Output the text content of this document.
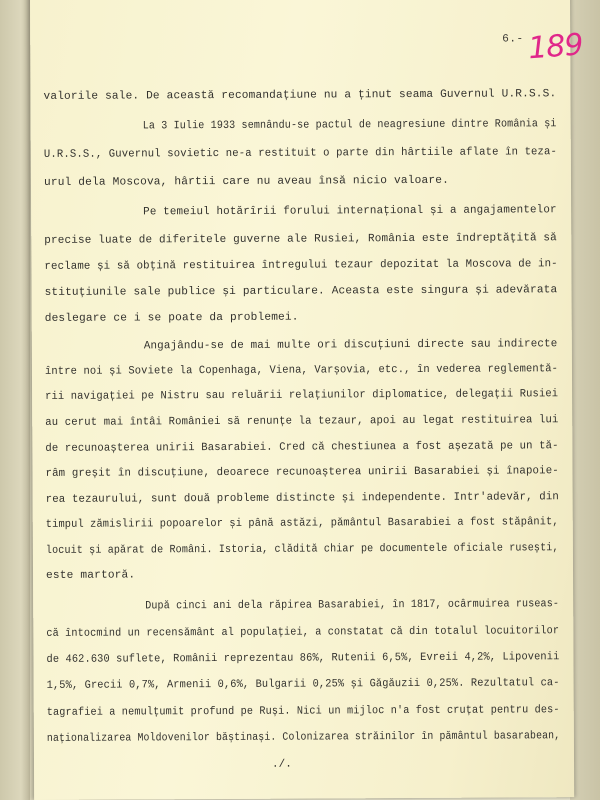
6.- 189
valorile sale. De această recomandațiune nu a ținut seama Guvernul U.R.S.S.
La 3 Iulie 1933 semnându-se pactul de neagresiune dintre România și
U.R.S.S., Guvernul sovietic ne-a restituit o parte din hârtiile aflate în teza-
urul dela Moscova, hârtii care nu aveau însă nicio valoare.
Pe temeiul hotărîrii forului internațional și a angajamentelor
precise luate de diferitele guverne ale Rusiei, România este îndreptățită să
reclame și să obțină restituirea întregului tezaur depozitat la Moscova de in-
stituțiunile sale publice și particulare. Aceasta este singura și adevărata
deslegare ce i se poate da problemei.
Angajându-se de mai multe ori discuțiuni directe sau indirecte
între noi și Soviete la Copenhaga, Viena, Varșovia, etc., în vederea reglementă-
rii navigației pe Nistru sau reluării relațiunilor diplomatice, delegații Rusiei
au cerut mai întâi României să renunțe la tezaur, apoi au legat restituirea lui
de recunoașterea unirii Basarabiei. Cred că chestiunea a fost așezată pe un tă-
râm greșit în discuțiune, deoarece recunoașterea unirii Basarabiei și înapoie-
rea tezaurului, sunt două probleme distincte și independente. Intr'adevăr, din
timpul zămislirii popoarelor și până astăzi, pământul Basarabiei a fost stăpânit,
locuit și apărat de Români. Istoria, clădită chiar pe documentele oficiale rusești,
este martoră.
După cinci ani dela răpirea Basarabiei, în 1817, ocârmuirea ruseas-
că întocmind un recensământ al populației, a constatat că din totalul locuitorilor
de 462.630 suflete, Românii reprezentau 86%, Rutenii 6,5%, Evreii 4,2%, Lipovenii
1,5%, Grecii 0,7%, Armenii 0,6%, Bulgarii 0,25% și Găgăuzii 0,25%. Rezultatul ca-
tagrafiei a nemulțumit profund pe Ruși. Nici un mijloc n'a fost cruțat pentru des-
naționalizarea Moldovenilor băștinași. Colonizarea străinilor în pământul basarabean,
./.
